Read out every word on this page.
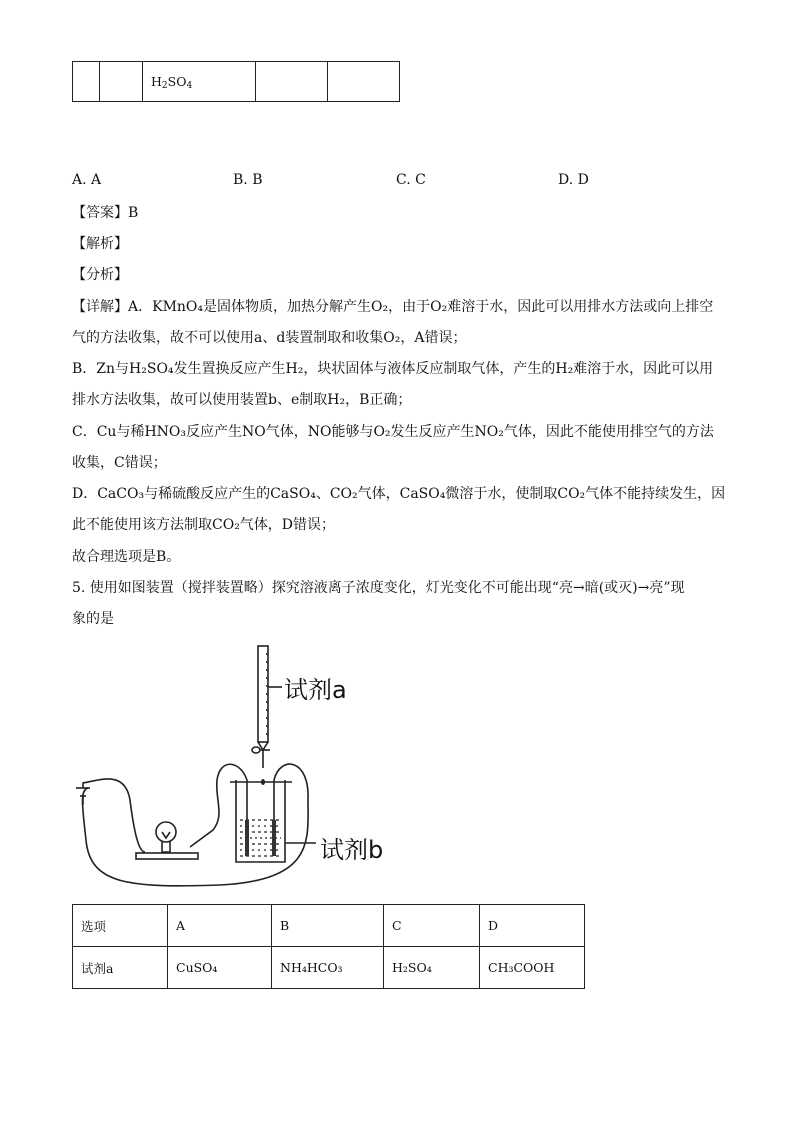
		$H_2SO_4$		
A. A	B. B	C. C	D. D
【答案】B
【解析】
【分析】
【详解】A．KMnO₄是固体物质，加热分解产生O₂，由于O₂难溶于水，因此可以用排水方法或向上排空
气的方法收集，故不可以使用a、d装置制取和收集O₂，A错误；
B．Zn与H₂SO₄发生置换反应产生H₂，块状固体与液体反应制取气体，产生的H₂难溶于水，因此可以用
排水方法收集，故可以使用装置b、e制取H₂，B正确；
C．Cu与稀HNO₃反应产生NO气体，NO能够与O₂发生反应产生NO₂气体，因此不能使用排空气的方法
收集，C错误；
D．CaCO₃与稀硫酸反应产生的CaSO₄、CO₂气体，CaSO₄微溶于水，使制取CO₂气体不能持续发生，因
此不能使用该方法制取CO₂气体，D错误；
故合理选项是B。
5. 使用如图装置（搅拌装置略）探究溶液离子浓度变化，灯光变化不可能出现“亮→暗(或灭)→亮”现
象的是
试剂a
试剂b
选项	A	B	C	D
试剂a	CuSO₄	NH₄HCO₃	H₂SO₄	CH₃COOH
